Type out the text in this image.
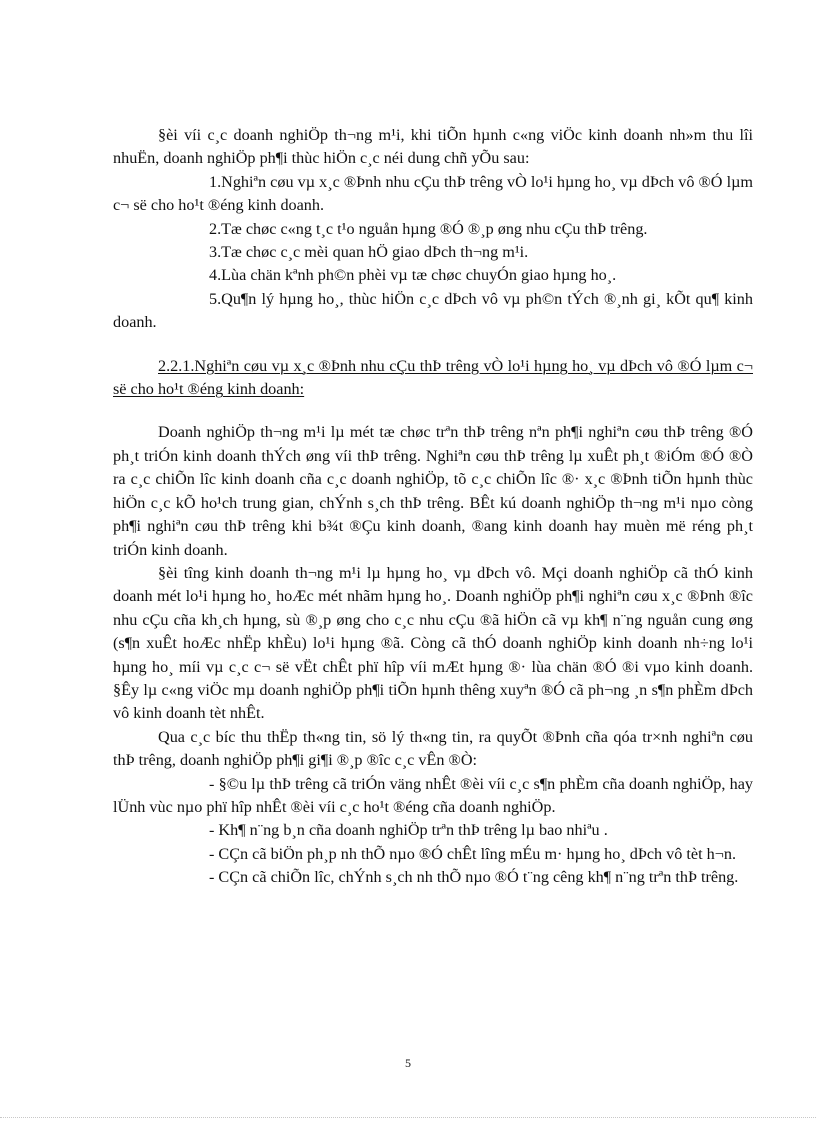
§èi víi c¸c doanh nghiÖp th¬ng m¹i, khi tiÕn hµnh c«ng viÖc kinh doanh nh»m thu lîi nhuËn, doanh nghiÖp ph¶i thùc hiÖn c¸c néi dung chñ yÕu sau:

1.Nghiªn cøu vµ x¸c ®Þnh nhu cÇu thÞ trêng vÒ lo¹i hµng ho¸ vµ dÞch vô ®Ó lµm c¬ së cho ho¹t ®éng kinh doanh.

2.Tæ chøc c«ng t¸c t¹o nguån hµng ®Ó ®¸p øng nhu cÇu thÞ trêng.

3.Tæ chøc c¸c mèi quan hÖ giao dÞch th¬ng m¹i.

4.Lùa chän kªnh ph©n phèi vµ tæ chøc chuyÓn giao hµng ho¸.

5.Qu¶n lý hµng ho¸, thùc hiÖn c¸c dÞch vô vµ ph©n tÝch ®¸nh gi¸ kÕt qu¶ kinh doanh.

2.2.1.Nghiªn cøu vµ x¸c ®Þnh nhu cÇu thÞ trêng vÒ lo¹i hµng ho¸ vµ dÞch vô ®Ó lµm c¬ së cho ho¹t ®éng kinh doanh:

Doanh nghiÖp th¬ng m¹i lµ mét tæ chøc trªn thÞ trêng nªn ph¶i nghiªn cøu thÞ trêng ®Ó ph¸t triÓn kinh doanh thÝch øng víi thÞ trêng. Nghiªn cøu thÞ trêng lµ xuÊt ph¸t ®iÓm ®Ó ®Ò ra c¸c chiÕn lîc kinh doanh cña c¸c doanh nghiÖp, tõ c¸c chiÕn lîc ®· x¸c ®Þnh tiÕn hµnh thùc hiÖn c¸c kÕ ho¹ch trung gian, chÝnh s¸ch thÞ trêng. BÊt kú doanh nghiÖp th¬ng m¹i nµo còng ph¶i nghiªn cøu thÞ trêng khi b¾t ®Çu kinh doanh, ®ang kinh doanh hay muèn më réng ph¸t triÓn kinh doanh.

§èi tîng kinh doanh th¬ng m¹i lµ hµng ho¸ vµ dÞch vô. Mçi doanh nghiÖp cã thÓ kinh doanh mét lo¹i hµng ho¸ hoÆc mét nhãm hµng ho¸. Doanh nghiÖp ph¶i nghiªn cøu x¸c ®Þnh ®îc nhu cÇu cña kh¸ch hµng, sù ®¸p øng cho c¸c nhu cÇu ®ã hiÖn cã vµ kh¶ n¨ng nguån cung øng (s¶n xuÊt hoÆc nhËp khÈu) lo¹i hµng ®ã. Còng cã thÓ doanh nghiÖp kinh doanh nh÷ng lo¹i hµng ho¸ míi vµ c¸c c¬ së vËt chÊt phï hîp víi mÆt hµng ®· lùa chän ®Ó ®i vµo kinh doanh. §Êy lµ c«ng viÖc mµ doanh nghiÖp ph¶i tiÕn hµnh thêng xuyªn ®Ó cã ph¬ng ¸n s¶n phÈm dÞch vô kinh doanh tèt nhÊt.

Qua c¸c bíc thu thËp th«ng tin, sö lý th«ng tin, ra quyÕt ®Þnh cña qóa tr×nh nghiªn cøu thÞ trêng, doanh nghiÖp ph¶i gi¶i ®¸p ®îc c¸c vÊn ®Ò:

- §©u lµ thÞ trêng cã triÓn väng nhÊt ®èi víi c¸c s¶n phÈm cña doanh nghiÖp, hay lÜnh vùc nµo phï hîp nhÊt ®èi víi c¸c ho¹t ®éng cña doanh nghiÖp.

- Kh¶ n¨ng b¸n cña doanh nghiÖp trªn thÞ trêng lµ bao nhiªu .

- CÇn cã biÖn ph¸p nh thÕ nµo ®Ó chÊt lîng mÉu m· hµng ho¸ dÞch vô tèt h¬n.

- CÇn cã chiÕn lîc, chÝnh s¸ch nh thÕ nµo ®Ó t¨ng cêng kh¶ n¨ng trªn thÞ trêng.

5
